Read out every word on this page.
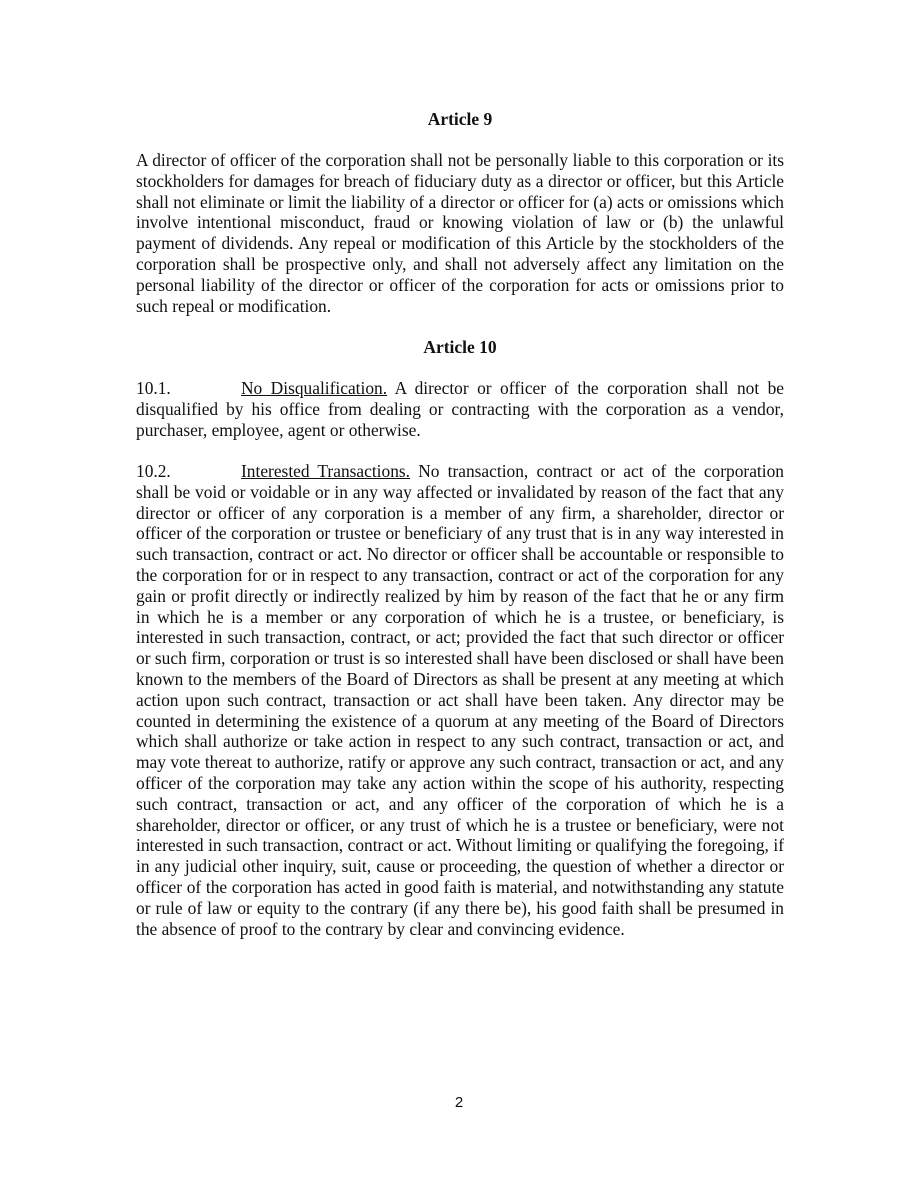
Article 9

A director of officer of the corporation shall not be personally liable to this corporation or its stockholders for damages for breach of fiduciary duty as a director or officer, but this Article shall not eliminate or limit the liability of a director or officer for (a) acts or omissions which involve intentional misconduct, fraud or knowing violation of law or (b) the unlawful payment of dividends. Any repeal or modification of this Article by the stockholders of the corporation shall be prospective only, and shall not adversely affect any limitation on the personal liability of the director or officer of the corporation for acts or omissions prior to such repeal or modification.

Article 10

10.1.	No Disqualification. A director or officer of the corporation shall not be disqualified by his office from dealing or contracting with the corporation as a vendor, purchaser, employee, agent or otherwise.

10.2.	Interested Transactions. No transaction, contract or act of the corporation shall be void or voidable or in any way affected or invalidated by reason of the fact that any director or officer of any corporation is a member of any firm, a shareholder, director or officer of the corporation or trustee or beneficiary of any trust that is in any way interested in such transaction, contract or act. No director or officer shall be accountable or responsible to the corporation for or in respect to any transaction, contract or act of the corporation for any gain or profit directly or indirectly realized by him by reason of the fact that he or any firm in which he is a member or any corporation of which he is a trustee, or beneficiary, is interested in such transaction, contract, or act; provided the fact that such director or officer or such firm, corporation or trust is so interested shall have been disclosed or shall have been known to the members of the Board of Directors as shall be present at any meeting at which action upon such contract, transaction or act shall have been taken. Any director may be counted in determining the existence of a quorum at any meeting of the Board of Directors which shall authorize or take action in respect to any such contract, transaction or act, and may vote thereat to authorize, ratify or approve any such contract, transaction or act, and any officer of the corporation may take any action within the scope of his authority, respecting such contract, transaction or act, and any officer of the corporation of which he is a shareholder, director or officer, or any trust of which he is a trustee or beneficiary, were not interested in such transaction, contract or act. Without limiting or qualifying the foregoing, if in any judicial other inquiry, suit, cause or proceeding, the question of whether a director or officer of the corporation has acted in good faith is material, and notwithstanding any statute or rule of law or equity to the contrary (if any there be), his good faith shall be presumed in the absence of proof to the contrary by clear and convincing evidence.

2
